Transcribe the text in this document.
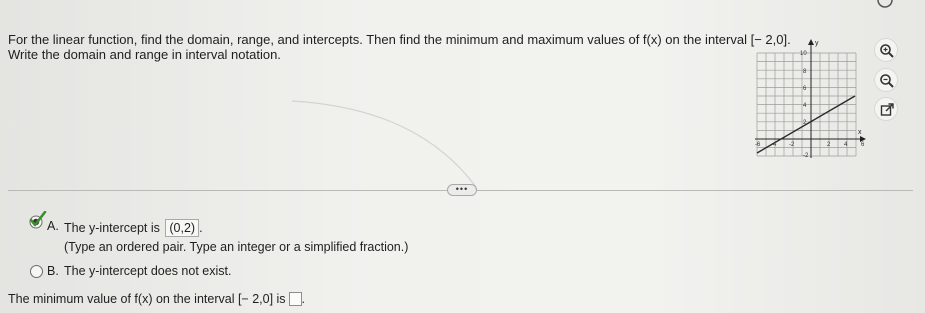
For the linear function, find the domain, range, and intercepts. Then find the minimum and maximum values of f(x) on the interval [− 2,0].
Write the domain and range in interval notation.
y
x
10
8
6
4
2
-2
-6 -4 -2	2 4 6
•••
A. The y-intercept is (0,2) .
(Type an ordered pair. Type an integer or a simplified fraction.)
B. The y-intercept does not exist.
The minimum value of f(x) on the interval [− 2,0] is .
